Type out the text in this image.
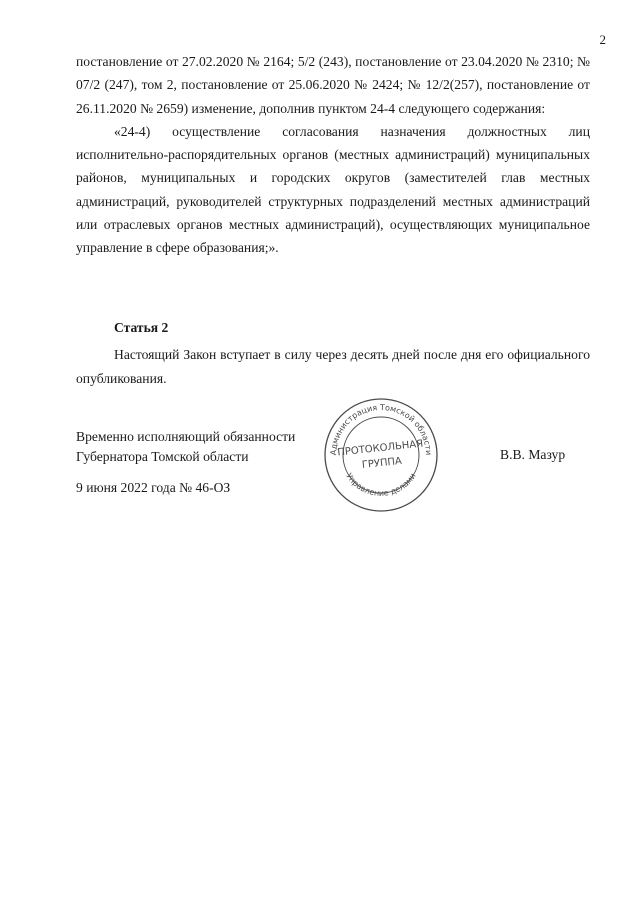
2

постановление от 27.02.2020 № 2164; 5/2 (243), постановление от 23.04.2020 № 2310; № 07/2 (247), том 2, постановление от 25.06.2020 № 2424; № 12/2(257), постановление от 26.11.2020 № 2659) изменение, дополнив пунктом 24-4 следующего содержания:

«24-4) осуществление согласования назначения должностных лиц исполнительно-распорядительных органов (местных администраций) муниципальных районов, муниципальных и городских округов (заместителей глав местных администраций, руководителей структурных подразделений местных администраций или отраслевых органов местных администраций), осуществляющих муниципальное управление в сфере образования;».

Статья 2
Настоящий Закон вступает в силу через десять дней после дня его официального опубликования.
Временно исполняющий обязанности
Губернатора Томской области	В.В. Мазур
9 июня 2022 года № 46-ОЗ
Администрация Томской области
Управление делами
ПРОТОКОЛЬНАЯ
ГРУППА
